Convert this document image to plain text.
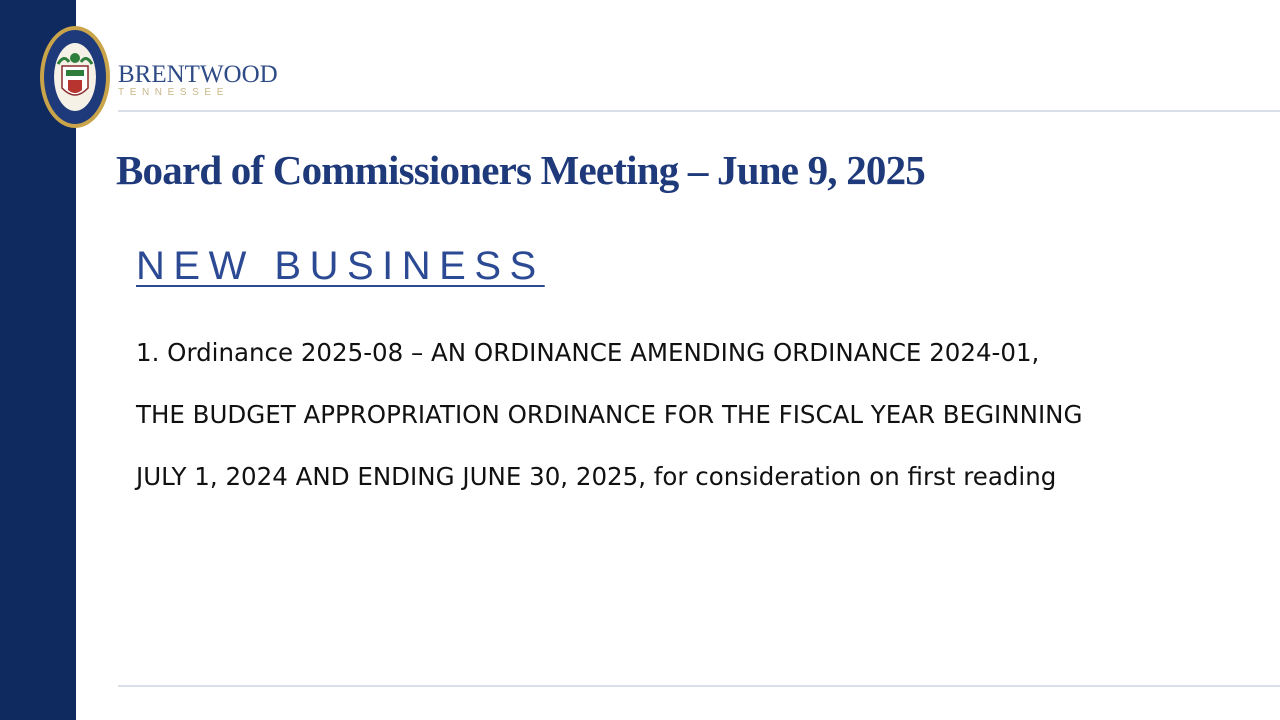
BRENTWOOD
TENNESSEE
Board of Commissioners Meeting – June 9, 2025
NEW BUSINESS
1. Ordinance 2025-08 – AN ORDINANCE AMENDING ORDINANCE 2024-01,
THE BUDGET APPROPRIATION ORDINANCE FOR THE FISCAL YEAR BEGINNING
JULY 1, 2024 AND ENDING JUNE 30, 2025, for consideration on first reading
